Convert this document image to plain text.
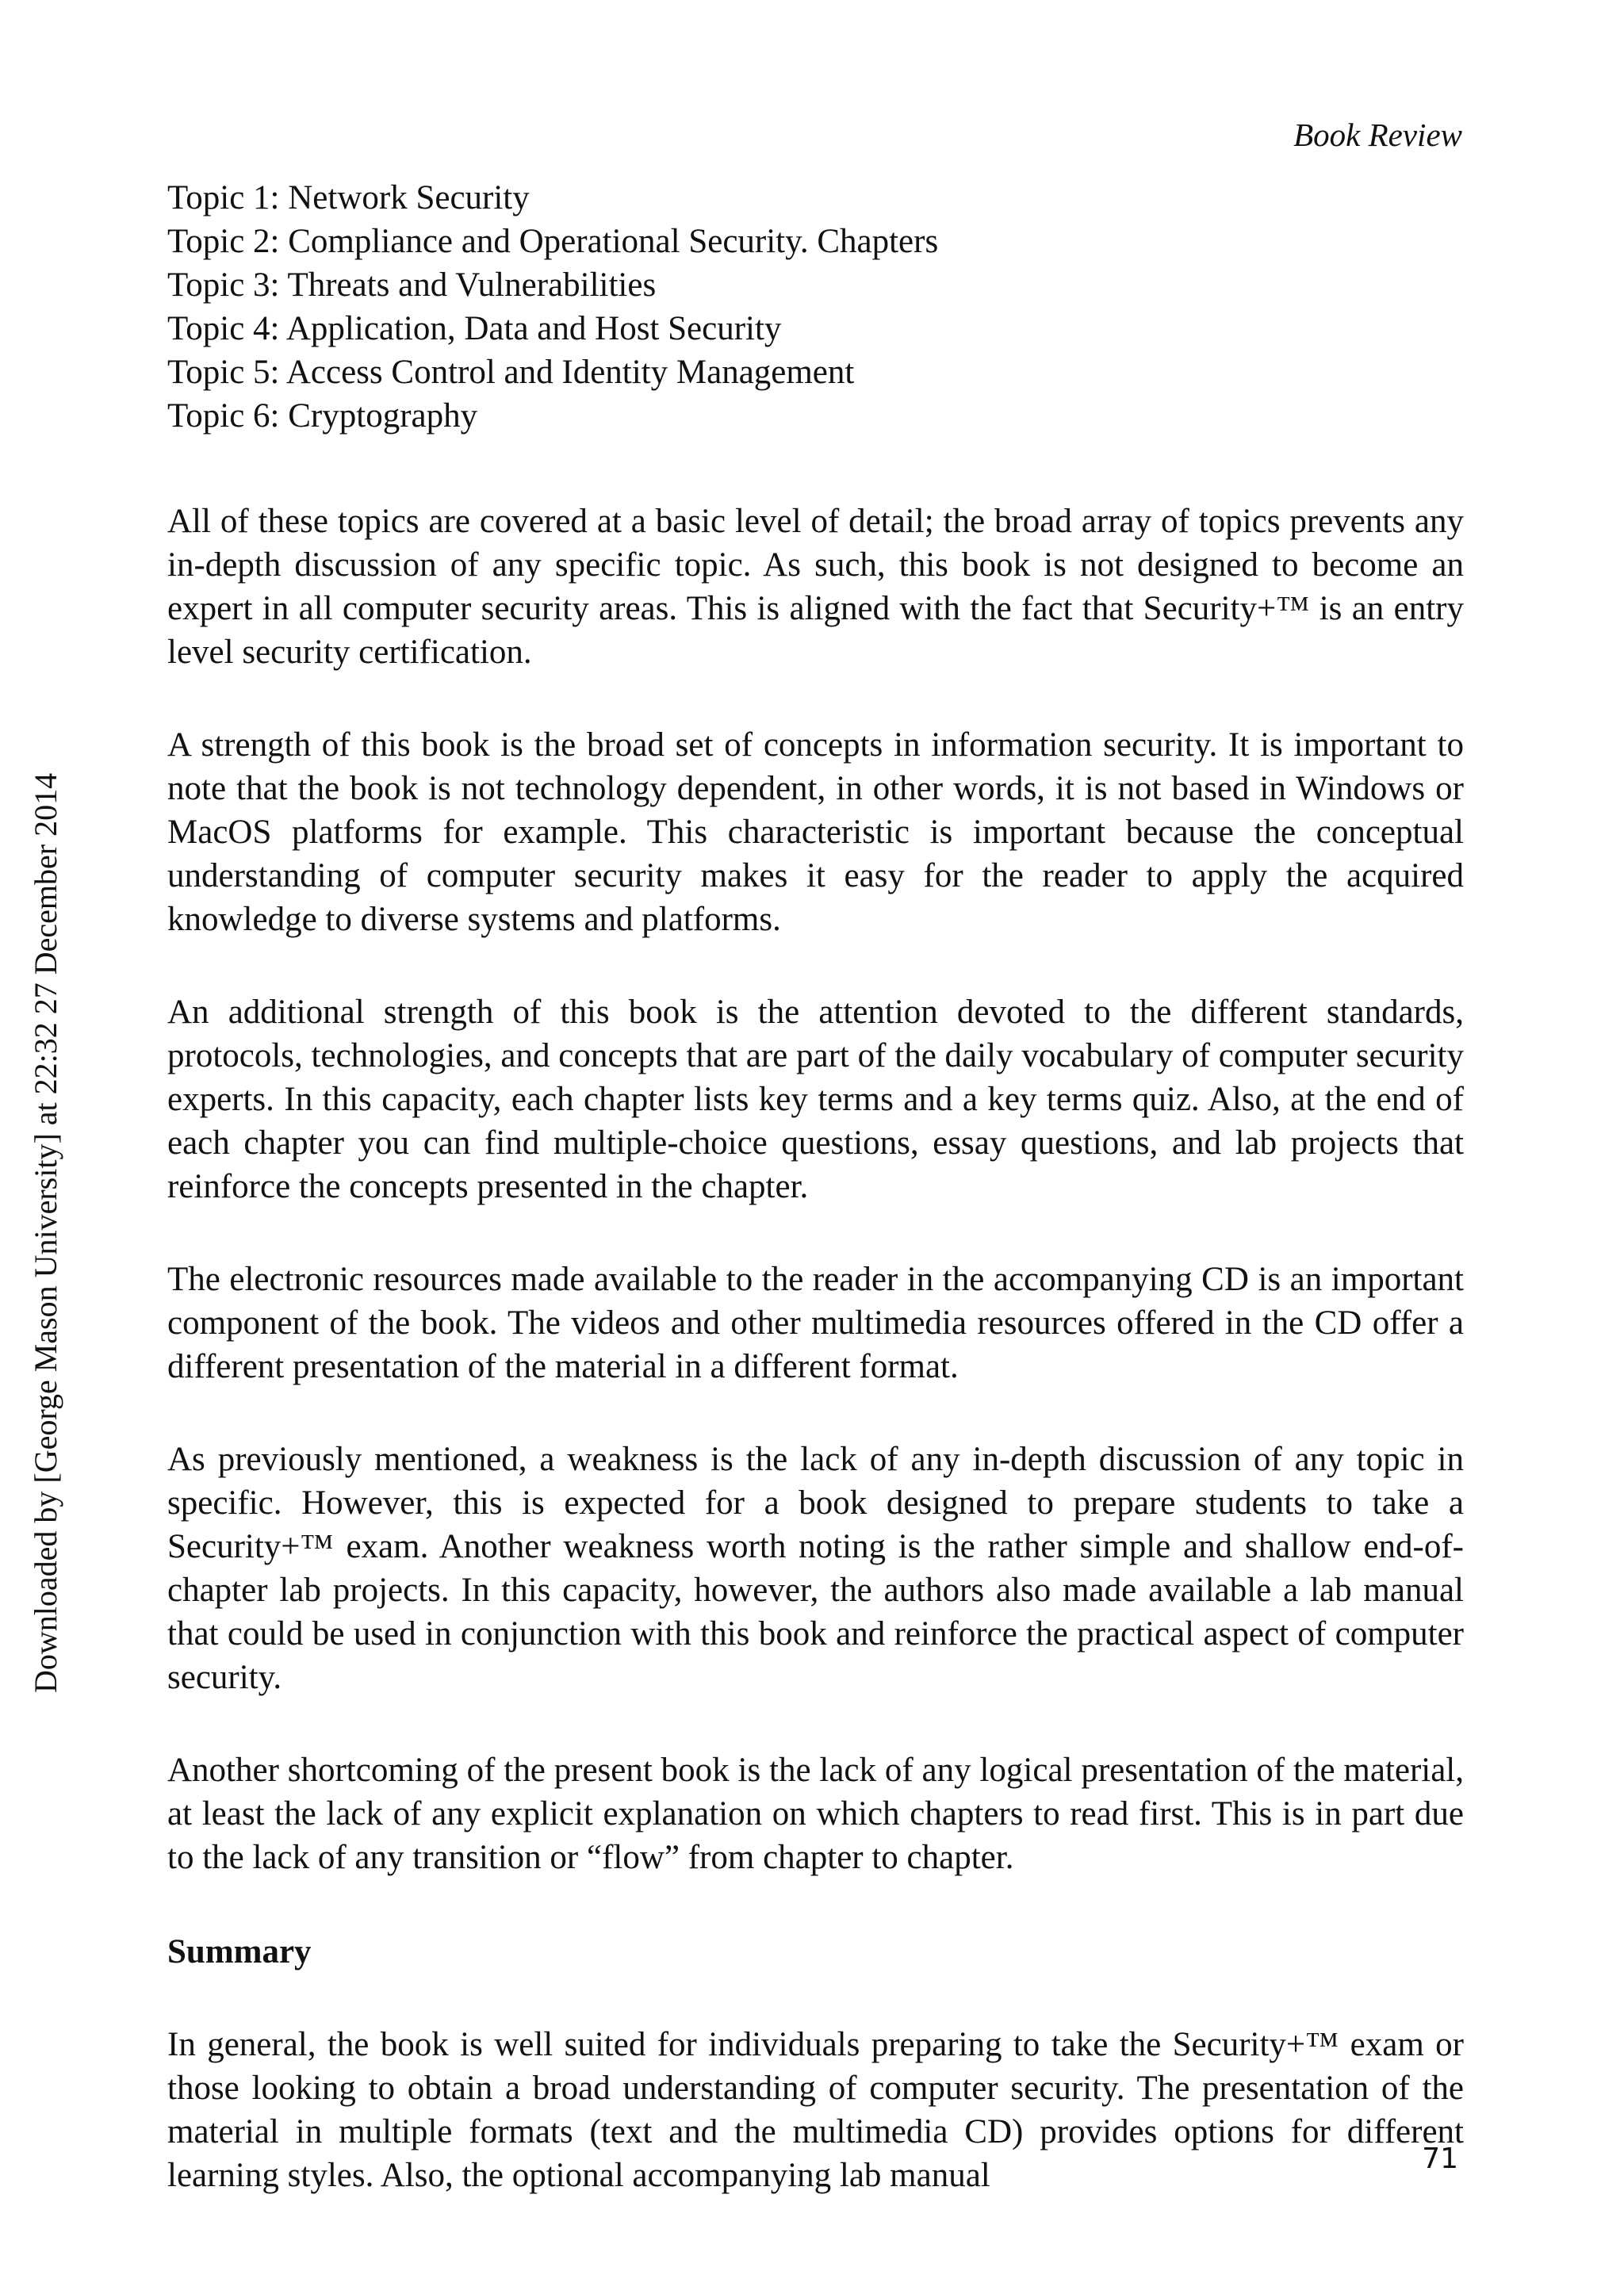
Book Review
Downloaded by [George Mason University] at 22:32 27 December 2014
Topic 1: Network Security
Topic 2: Compliance and Operational Security. Chapters
Topic 3: Threats and Vulnerabilities
Topic 4: Application, Data and Host Security
Topic 5: Access Control and Identity Management
Topic 6: Cryptography

All of these topics are covered at a basic level of detail; the broad array of topics prevents any in-depth discussion of any specific topic. As such, this book is not designed to become an expert in all computer security areas. This is aligned with the fact that Security+™ is an entry level security certification.

A strength of this book is the broad set of concepts in information security. It is important to note that the book is not technology dependent, in other words, it is not based in Windows or MacOS platforms for example. This characteristic is important because the conceptual understanding of computer security makes it easy for the reader to apply the acquired knowledge to diverse systems and platforms.

An additional strength of this book is the attention devoted to the different standards, protocols, technologies, and concepts that are part of the daily vocabulary of computer security experts. In this capacity, each chapter lists key terms and a key terms quiz. Also, at the end of each chapter you can find multiple-choice questions, essay questions, and lab projects that reinforce the concepts presented in the chapter.

The electronic resources made available to the reader in the accompanying CD is an important component of the book. The videos and other multimedia resources offered in the CD offer a different presentation of the material in a different format.

As previously mentioned, a weakness is the lack of any in-depth discussion of any topic in specific. However, this is expected for a book designed to prepare students to take a Security+™ exam. Another weakness worth noting is the rather simple and shallow end-of-chapter lab projects. In this capacity, however, the authors also made available a lab manual that could be used in conjunction with this book and reinforce the practical aspect of computer security.

Another shortcoming of the present book is the lack of any logical presentation of the material, at least the lack of any explicit explanation on which chapters to read first. This is in part due to the lack of any transition or “flow” from chapter to chapter.

Summary

In general, the book is well suited for individuals preparing to take the Security+™ exam or those looking to obtain a broad understanding of computer security. The presentation of the material in multiple formats (text and the multimedia CD) provides options for different learning styles. Also, the optional accompanying lab manual	71
